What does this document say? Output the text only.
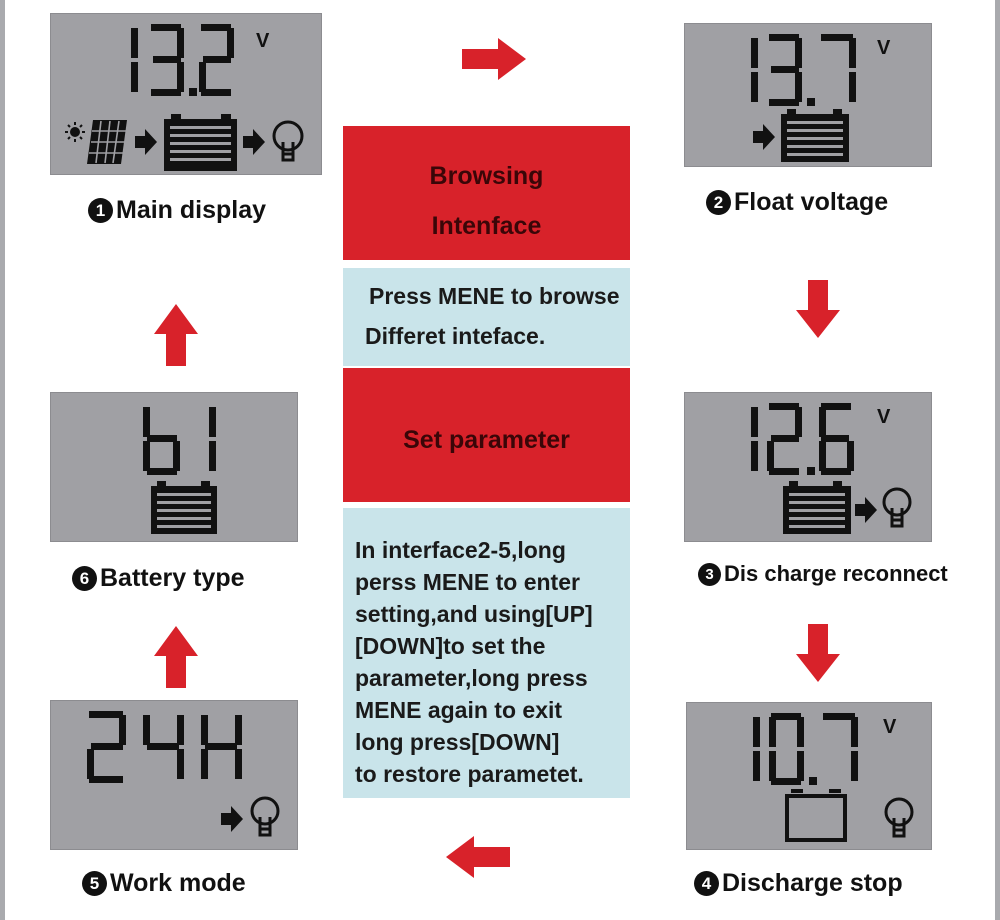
V
1 Main display
V
2 Float voltage
V
3 Dis charge reconnect
V
4 Discharge stop
5 Work mode
6 Battery type
Browsing
Intenface
Press MENE to browse
Differet inteface.
Set parameter
In interface2-5,long
perss MENE to enter
setting,and using[UP]
[DOWN]to set the
parameter,long press
MENE again to exit
long press[DOWN]
to restore parametet.
